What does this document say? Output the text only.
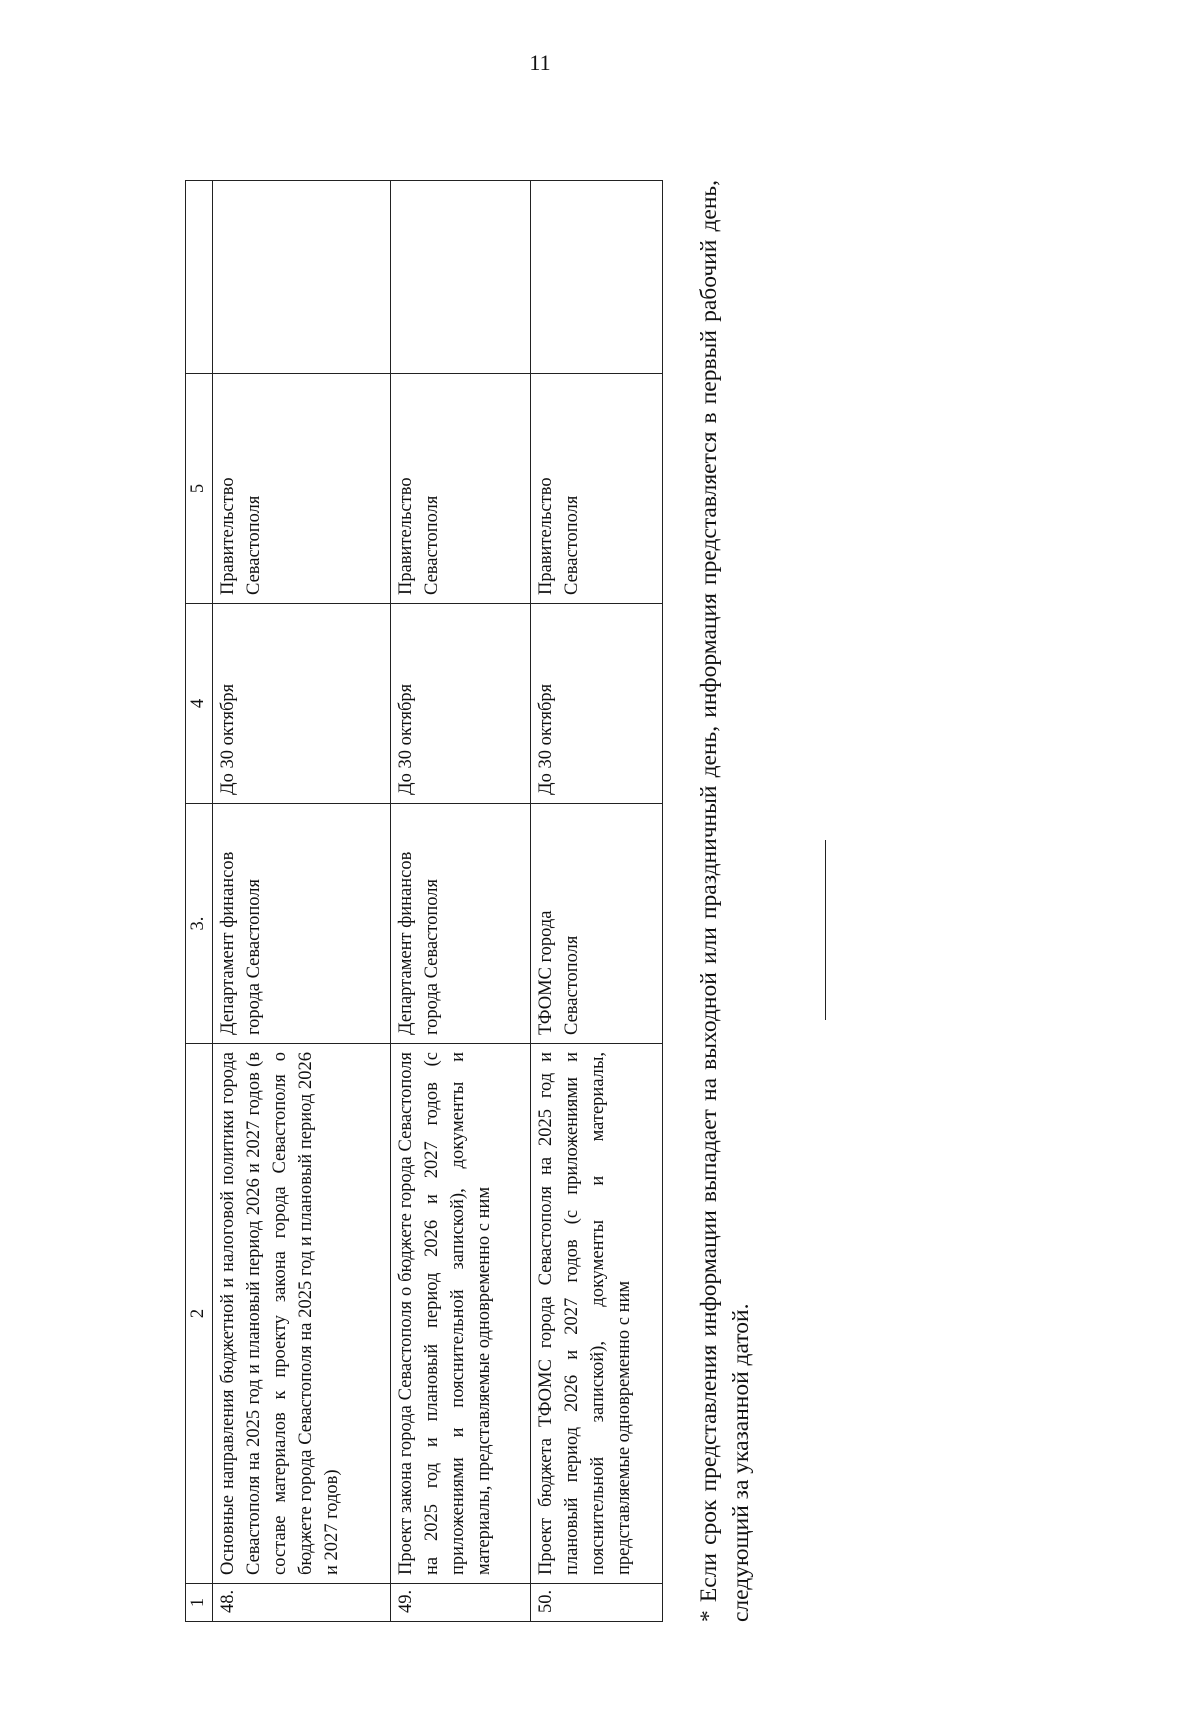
11
1	2	3.	4	5	
48.	Основные направления бюджетной и налоговой политики города Севастополя на 2025 год и плановый период 2026 и 2027 годов (в составе материалов к проекту закона города Севастополя о бюджете города Севастополя на 2025 год и плановый период 2026 и 2027 годов)	Департамент финансов города Севастополя	До 30 октября	Правительство Севастополя	
49.	Проект закона города Севастополя о бюджете города Севастополя на 2025 год и плановый период 2026 и 2027 годов (с приложениями и пояснительной запиской), документы и материалы, представляемые одновременно с ним	Департамент финансов города Севастополя	До 30 октября	Правительство Севастополя	
50.	Проект бюджета ТФОМС города Севастополя на 2025 год и плановый период 2026 и 2027 годов (с приложениями и пояснительной запиской), документы и материалы, представляемые одновременно с ним	ТФОМС города Севастополя	До 30 октября	Правительство Севастополя		* Если срок представления информации выпадает на выходной или праздничный день, информация представляется в первый рабочий день, следующий за указанной датой.
